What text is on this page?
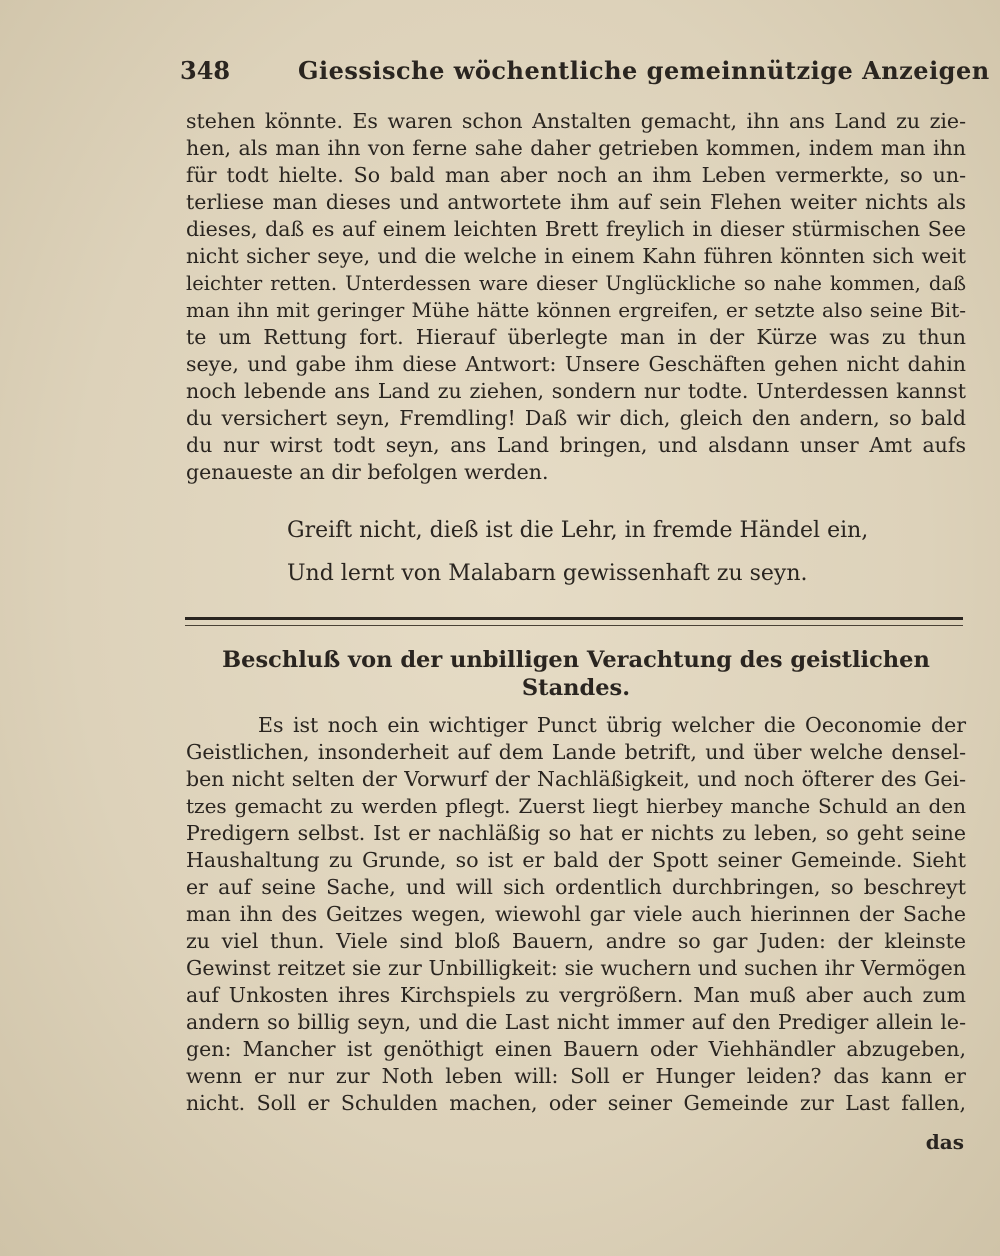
348	Giessische wöchentliche gemeinnützige Anzeigen
stehen könnte. Es waren schon Anstalten gemacht, ihn ans Land zu zie-
hen, als man ihn von ferne sahe daher getrieben kommen, indem man ihn
für todt hielte. So bald man aber noch an ihm Leben vermerkte, so un-
terliese man dieses und antwortete ihm auf sein Flehen weiter nichts als
dieses, daß es auf einem leichten Brett freylich in dieser stürmischen See
nicht sicher seye, und die welche in einem Kahn führen könnten sich weit
leichter retten. Unterdessen ware dieser Unglückliche so nahe kommen, daß
man ihn mit geringer Mühe hätte können ergreifen, er setzte also seine Bit-
te um Rettung fort. Hierauf überlegte man in der Kürze was zu thun
seye, und gabe ihm diese Antwort: Unsere Geschäften gehen nicht dahin
noch lebende ans Land zu ziehen, sondern nur todte. Unterdessen kannst
du versichert seyn, Fremdling! Daß wir dich, gleich den andern, so bald
du nur wirst todt seyn, ans Land bringen, und alsdann unser Amt aufs
genaueste an dir befolgen werden.
Greift nicht, dieß ist die Lehr, in fremde Händel ein,
Und lernt von Malabarn gewissenhaft zu seyn.
Beschluß von der unbilligen Verachtung des geistlichen
Standes.
Es ist noch ein wichtiger Punct übrig welcher die Oeconomie der
Geistlichen, insonderheit auf dem Lande betrift, und über welche densel-
ben nicht selten der Vorwurf der Nachläßigkeit, und noch öfterer des Gei-
tzes gemacht zu werden pflegt. Zuerst liegt hierbey manche Schuld an den
Predigern selbst. Ist er nachläßig so hat er nichts zu leben, so geht seine
Haushaltung zu Grunde, so ist er bald der Spott seiner Gemeinde. Sieht
er auf seine Sache, und will sich ordentlich durchbringen, so beschreyt
man ihn des Geitzes wegen, wiewohl gar viele auch hierinnen der Sache
zu viel thun. Viele sind bloß Bauern, andre so gar Juden: der kleinste
Gewinst reitzet sie zur Unbilligkeit: sie wuchern und suchen ihr Vermögen
auf Unkosten ihres Kirchspiels zu vergrößern. Man muß aber auch zum
andern so billig seyn, und die Last nicht immer auf den Prediger allein le-
gen: Mancher ist genöthigt einen Bauern oder Viehhändler abzugeben,
wenn er nur zur Noth leben will: Soll er Hunger leiden? das kann er
nicht. Soll er Schulden machen, oder seiner Gemeinde zur Last fallen,
das
